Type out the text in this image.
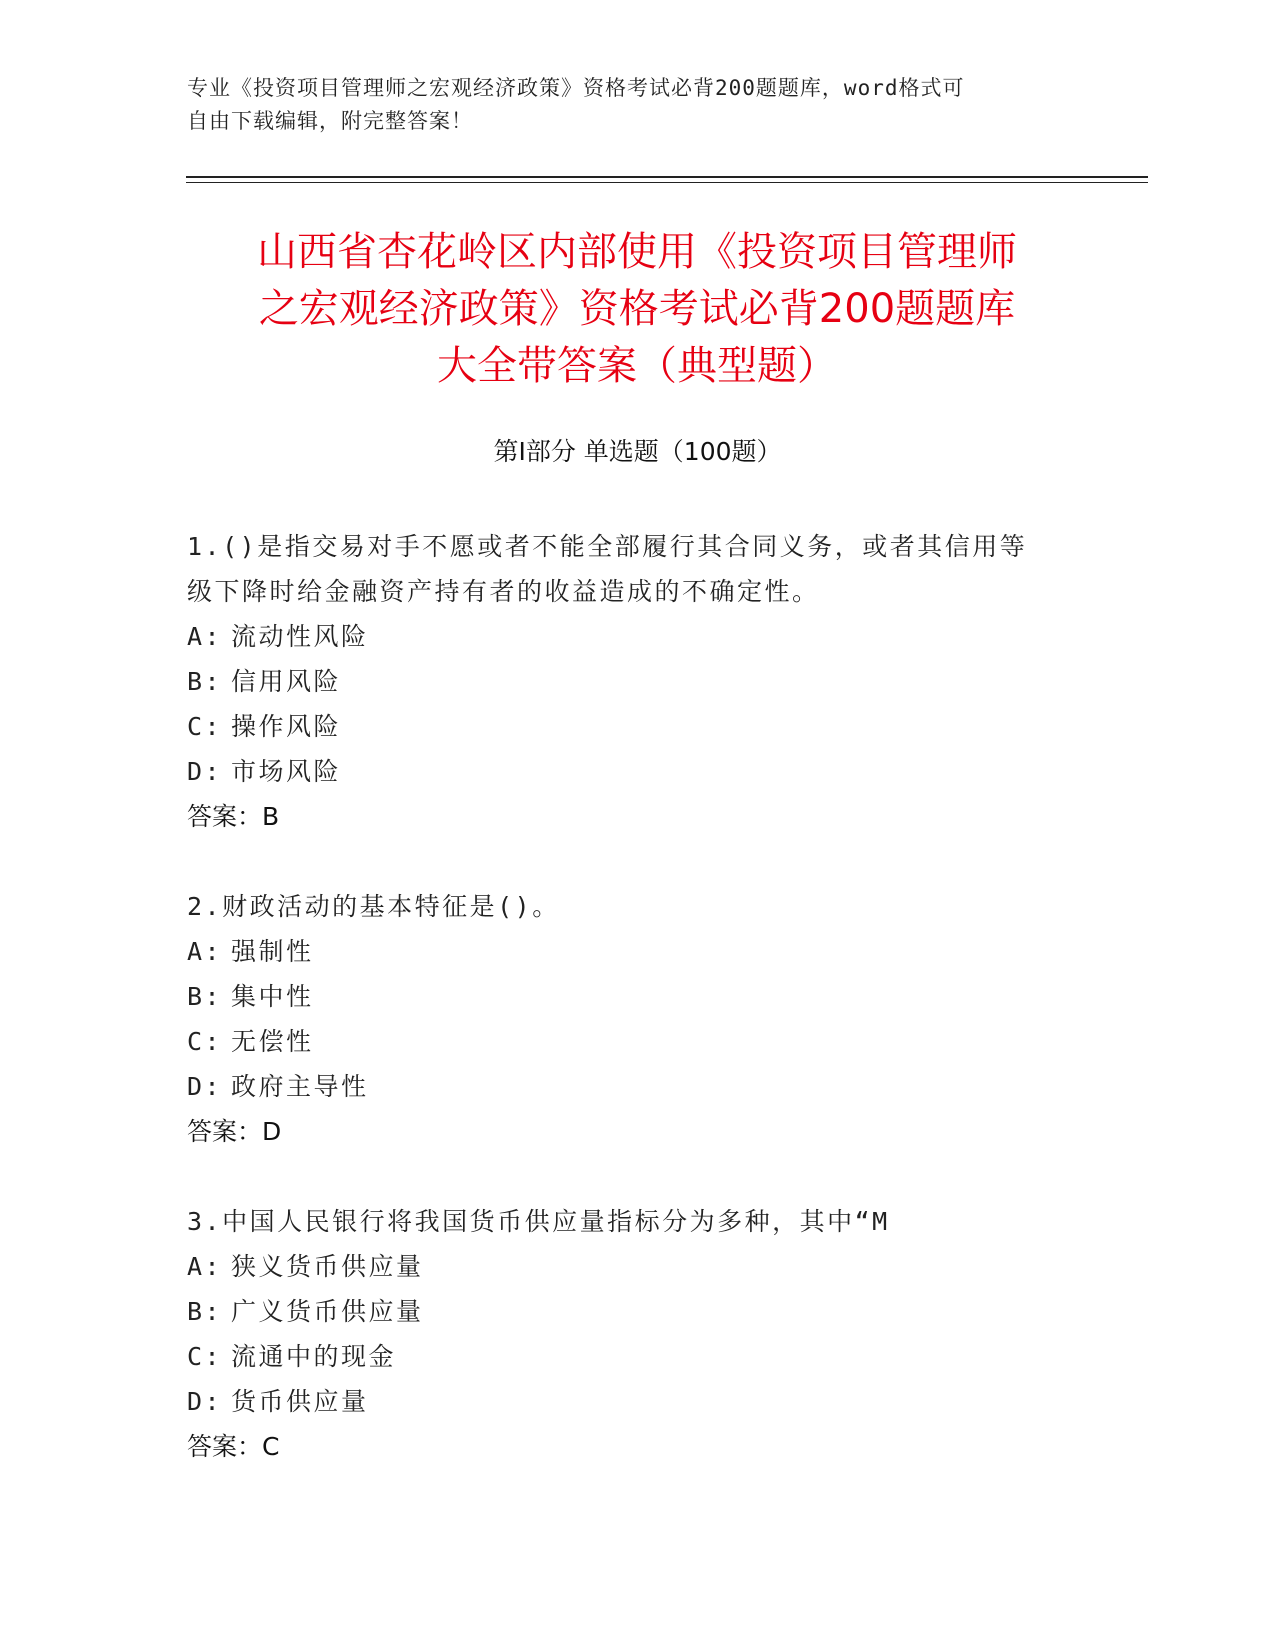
专业《投资项目管理师之宏观经济政策》资格考试必背200题题库，word格式可
自由下载编辑，附完整答案！
山西省杏花岭区内部使用《投资项目管理师
之宏观经济政策》资格考试必背200题题库
大全带答案（典型题）
第Ⅰ部分 单选题（100题）
1.()是指交易对手不愿或者不能全部履行其合同义务，或者其信用等
级下降时给金融资产持有者的收益造成的不确定性。
A: 流动性风险
B: 信用风险
C: 操作风险
D: 市场风险
答案：B
2.财政活动的基本特征是()。
A: 强制性
B: 集中性
C: 无偿性
D: 政府主导性
答案：D
3.中国人民银行将我国货币供应量指标分为多种，其中“M
A: 狭义货币供应量
B: 广义货币供应量
C: 流通中的现金
D: 货币供应量
答案：C
